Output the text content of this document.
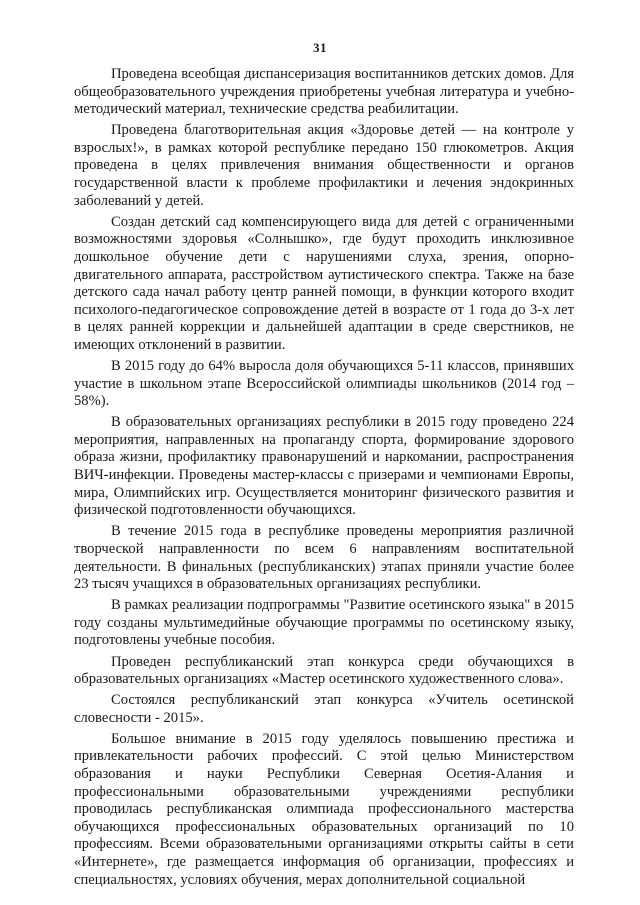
31

Проведена всеобщая диспансеризация воспитанников детских домов. Для общеобразовательного учреждения приобретены учебная литература и учебно-методический материал, технические средства реабилитации.

Проведена благотворительная акция «Здоровье детей — на контроле у взрослых!», в рамках которой республике передано 150 глюкометров. Акция проведена в целях привлечения внимания общественности и органов государственной власти к проблеме профилактики и лечения эндокринных заболеваний у детей.

Создан детский сад компенсирующего вида для детей с ограниченными возможностями здоровья «Солнышко», где будут проходить инклюзивное дошкольное обучение дети с нарушениями слуха, зрения, опорно-двигательного аппарата, расстройством аутистического спектра. Также на базе детского сада начал работу центр ранней помощи, в функции которого входит психолого-педагогическое сопровождение детей в возрасте от 1 года до 3-х лет в целях ранней коррекции и дальнейшей адаптации в среде сверстников, не имеющих отклонений в развитии.

В 2015 году до 64% выросла доля обучающихся 5-11 классов, принявших участие в школьном этапе Всероссийской олимпиады школьников (2014 год – 58%).

В образовательных организациях республики в 2015 году проведено 224 мероприятия, направленных на пропаганду спорта, формирование здорового образа жизни, профилактику правонарушений и наркомании, распространения ВИЧ-инфекции. Проведены мастер-классы с призерами и чемпионами Европы, мира, Олимпийских игр. Осуществляется мониторинг физического развития и физической подготовленности обучающихся.

В течение 2015 года в республике проведены мероприятия различной творческой направленности по всем 6 направлениям воспитательной деятельности. В финальных (республиканских) этапах приняли участие более 23 тысяч учащихся в образовательных организациях республики.

В рамках реализации подпрограммы "Развитие осетинского языка" в 2015 году созданы мультимедийные обучающие программы по осетинскому языку, подготовлены учебные пособия.

Проведен республиканский этап конкурса среди обучающихся в образовательных организациях «Мастер осетинского художественного слова».

Состоялся республиканский этап конкурса «Учитель осетинской словесности - 2015».

Большое внимание в 2015 году уделялось повышению престижа и привлекательности рабочих профессий. С этой целью Министерством образования и науки Республики Северная Осетия-Алания и профессиональными образовательными учреждениями республики проводилась республиканская олимпиада профессионального мастерства обучающихся профессиональных образовательных организаций по 10 профессиям. Всеми образовательными организациями открыты сайты в сети «Интернете», где размещается информация об организации, профессиях и специальностях, условиях обучения, мерах дополнительной социальной
